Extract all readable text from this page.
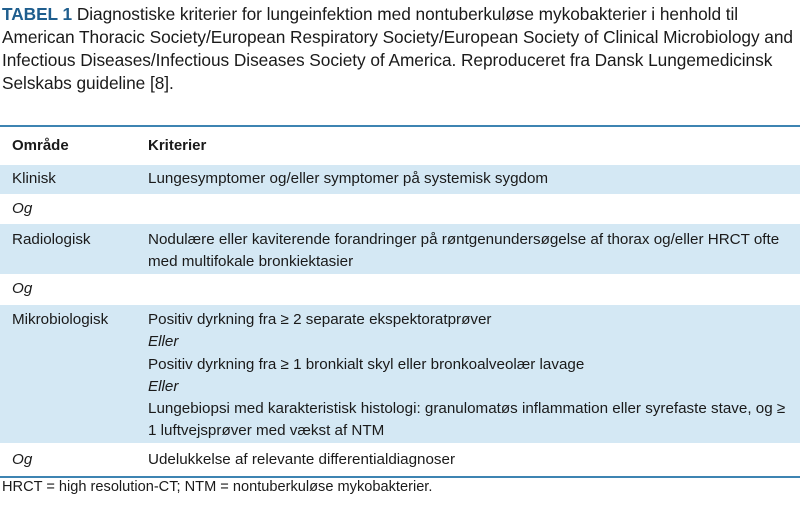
TABEL 1 Diagnostiske kriterier for lungeinfektion med nontuberkuløse mykobakterier i henhold til American Thoracic Society/European Respiratory Society/European Society of Clinical Microbiology and Infectious Diseases/Infectious Diseases Society of America. Reproduceret fra Dansk Lungemedicinsk Selskabs guideline [8].
Område	Kriterier
Klinisk	Lungesymptomer og/eller symptomer på systemisk sygdom
Og
Radiologisk	Nodulære eller kaviterende forandringer på røntgenundersøgelse af thorax og/eller HRCT ofte med multifokale bronkiektasier
Og
Mikrobiologisk	Positiv dyrkning fra ≥ 2 separate ekspektoratprøver
Eller
Positiv dyrkning fra ≥ 1 bronkialt skyl eller bronkoalveolær lavage
Eller
Lungebiopsi med karakteristisk histologi: granulomatøs inflammation eller syrefaste stave, og ≥ 1 luftvejsprøver med vækst af NTM
Og	Udelukkelse af relevante differentialdiagnoser
HRCT = high resolution-CT; NTM = nontuberkuløse mykobakterier.
